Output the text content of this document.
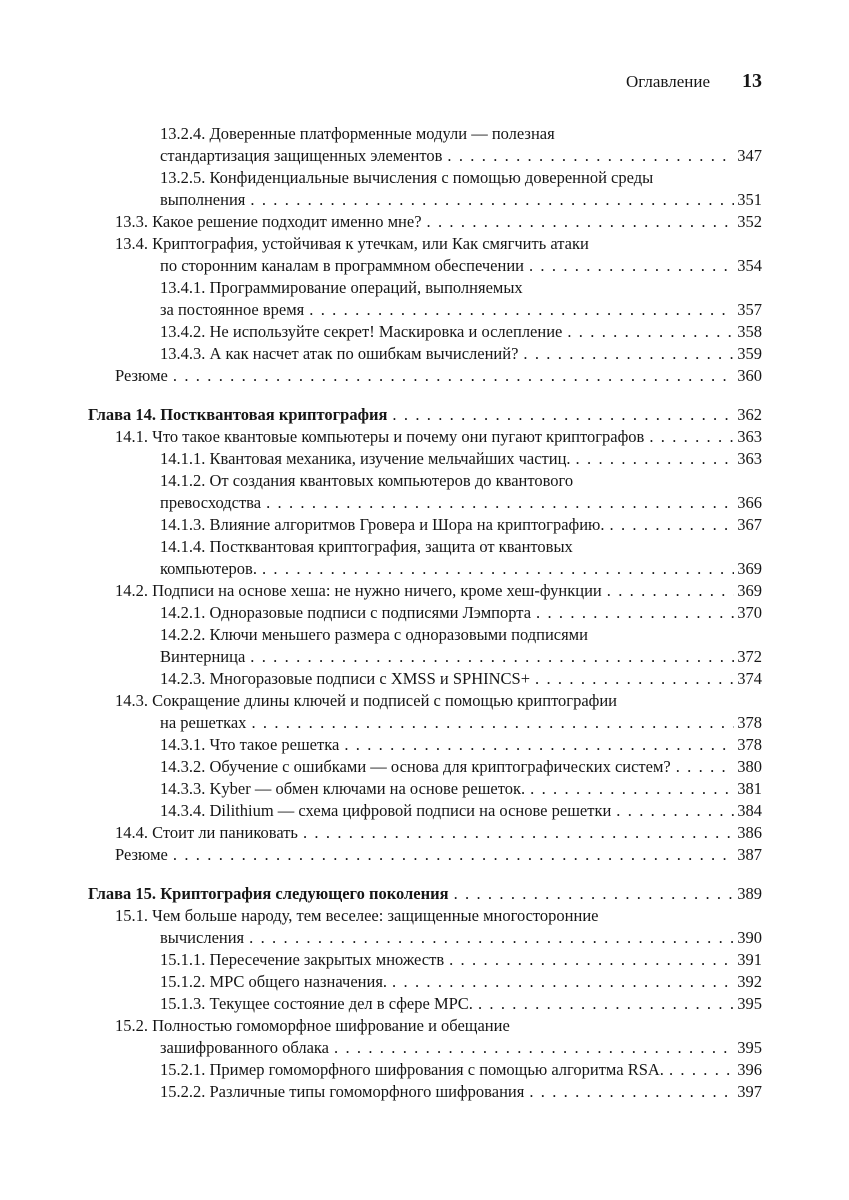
Оглавление 13
13.2.4. Доверенные платформенные модули — полезная
стандартизация защищенных элементов . . .	347
13.2.5. Конфиденциальные вычисления с помощью доверенной среды
выполнения . . .	351
13.3. Какое решение подходит именно мне? . . .	352
13.4. Криптография, устойчивая к утечкам, или Как смягчить атаки
по сторонним каналам в программном обеспечении . . .	354
13.4.1. Программирование операций, выполняемых
за постоянное время . . .	357
13.4.2. Не используйте секрет! Маскировка и ослепление . . .	358
13.4.3. А как насчет атак по ошибкам вычислений? . . .	359
Резюме . . .	360
Глава 14. Постквантовая криптография . . .	362
14.1. Что такое квантовые компьютеры и почему они пугают криптографов . . .	363
14.1.1. Квантовая механика, изучение мельчайших частиц. . . .	363
14.1.2. От создания квантовых компьютеров до квантового
превосходства . . .	366
14.1.3. Влияние алгоритмов Гровера и Шора на криптографию. . . .	367
14.1.4. Постквантовая криптография, защита от квантовых
компьютеров. . . .	369
14.2. Подписи на основе хеша: не нужно ничего, кроме хеш-функции . . .	369
14.2.1. Одноразовые подписи с подписями Лэмпорта . . .	370
14.2.2. Ключи меньшего размера с одноразовыми подписями
Винтерница . . .	372
14.2.3. Многоразовые подписи с XMSS и SPHINCS+ . . .	374
14.3. Сокращение длины ключей и подписей с помощью криптографии
на решетках . . .	378
14.3.1. Что такое решетка . . .	378
14.3.2. Обучение с ошибками — основа для криптографических систем? . . .	380
14.3.3. Kyber — обмен ключами на основе решеток. . . .	381
14.3.4. Dilithium — схема цифровой подписи на основе решетки . . .	384
14.4. Стоит ли паниковать . . .	386
Резюме . . .	387
Глава 15. Криптография следующего поколения . . .	389
15.1. Чем больше народу, тем веселее: защищенные многосторонние
вычисления . . .	390
15.1.1. Пересечение закрытых множеств . . .	391
15.1.2. MPC общего назначения. . . .	392
15.1.3. Текущее состояние дел в сфере MPC. . . .	395
15.2. Полностью гомоморфное шифрование и обещание
зашифрованного облака . . .	395
15.2.1. Пример гомоморфного шифрования с помощью алгоритма RSA. . . .	396
15.2.2. Различные типы гомоморфного шифрования . . .	397
